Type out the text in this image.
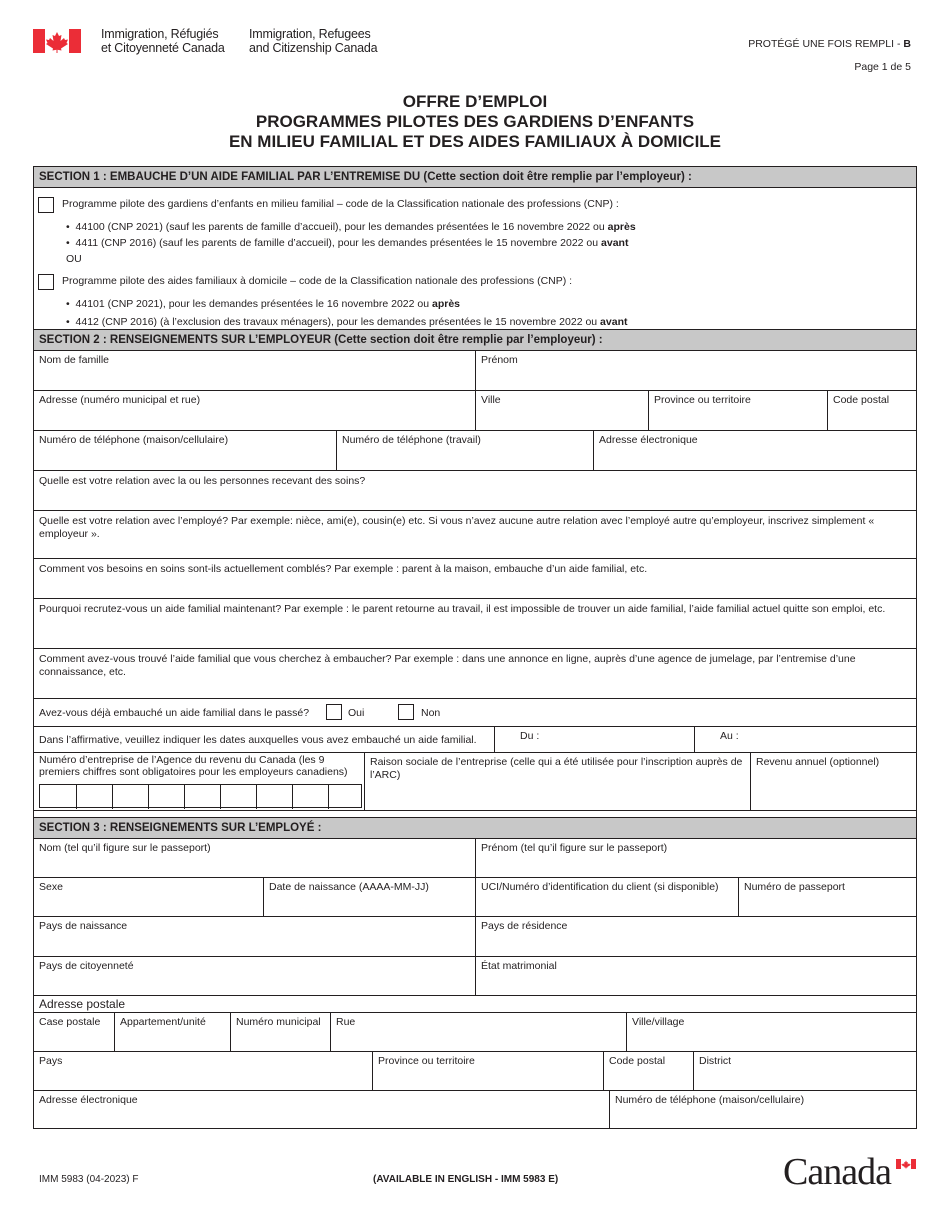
Immigration, Réfugiés
et Citoyenneté Canada
Immigration, Refugees
and Citizenship Canada	PROTÉGÉ UNE FOIS REMPLI - B
Page 1 de 5
OFFRE D’EMPLOI
PROGRAMMES PILOTES DES GARDIENS D’ENFANTS
EN MILIEU FAMILIAL ET DES AIDES FAMILIAUX À DOMICILE
SECTION 1 : EMBAUCHE D’UN AIDE FAMILIAL PAR L’ENTREMISE DU (Cette section doit être remplie par l’employeur) :
Programme pilote des gardiens d’enfants en milieu familial – code de la Classification nationale des professions (CNP) :
•  44100 (CNP 2021) (sauf les parents de famille d’accueil), pour les demandes présentées le 16 novembre 2022 ou après
•  4411 (CNP 2016) (sauf les parents de famille d’accueil), pour les demandes présentées le 15 novembre 2022 ou avant
OU
Programme pilote des aides familiaux à domicile – code de la Classification nationale des professions (CNP) :
•  44101 (CNP 2021), pour les demandes présentées le 16 novembre 2022 ou après
•  4412 (CNP 2016) (à l’exclusion des travaux ménagers), pour les demandes présentées le 15 novembre 2022 ou avant
SECTION 2 : RENSEIGNEMENTS SUR L’EMPLOYEUR (Cette section doit être remplie par l’employeur) :
Nom de famille	Prénom
Adresse (numéro municipal et rue)	Ville	Province ou territoire	Code postal
Numéro de téléphone (maison/cellulaire)	Numéro de téléphone (travail)	Adresse électronique
Quelle est votre relation avec la ou les personnes recevant des soins?
Quelle est votre relation avec l’employé? Par exemple: nièce, ami(e), cousin(e) etc. Si vous n’avez aucune autre relation avec l’employé autre qu’employeur, inscrivez simplement « employeur ».
Comment vos besoins en soins sont-ils actuellement comblés? Par exemple : parent à la maison, embauche d’un aide familial, etc.
Pourquoi recrutez-vous un aide familial maintenant? Par exemple : le parent retourne au travail, il est impossible de trouver un aide familial, l’aide familial actuel quitte son emploi, etc.
Comment avez-vous trouvé l’aide familial que vous cherchez à embaucher? Par exemple : dans une annonce en ligne, auprès d’une agence de jumelage, par l’entremise d’une connaissance, etc.
Avez-vous déjà embauché un aide familial dans le passé?	Oui	Non
Dans l’affirmative, veuillez indiquer les dates auxquelles vous avez embauché un aide familial.	Du :	Au :
Numéro d’entreprise de l’Agence du revenu du Canada (les 9 premiers chiffres sont obligatoires pour les employeurs canadiens)
Raison sociale de l’entreprise (celle qui a été utilisée pour l’inscription auprès de l’ARC)
Revenu annuel (optionnel)
SECTION 3 : RENSEIGNEMENTS SUR L’EMPLOYÉ :
Nom (tel qu’il figure sur le passeport)	Prénom (tel qu’il figure sur le passeport)
Sexe	Date de naissance (AAAA-MM-JJ)	UCI/Numéro d’identification du client (si disponible)	Numéro de passeport
Pays de naissance	Pays de résidence
Pays de citoyenneté	État matrimonial
Adresse postale
Case postale	Appartement/unité	Numéro municipal	Rue	Ville/village
Pays	Province ou territoire	Code postal	District
Adresse électronique	Numéro de téléphone (maison/cellulaire)
IMM 5983 (04-2023) F	(AVAILABLE IN ENGLISH - IMM 5983 E)	Canada
